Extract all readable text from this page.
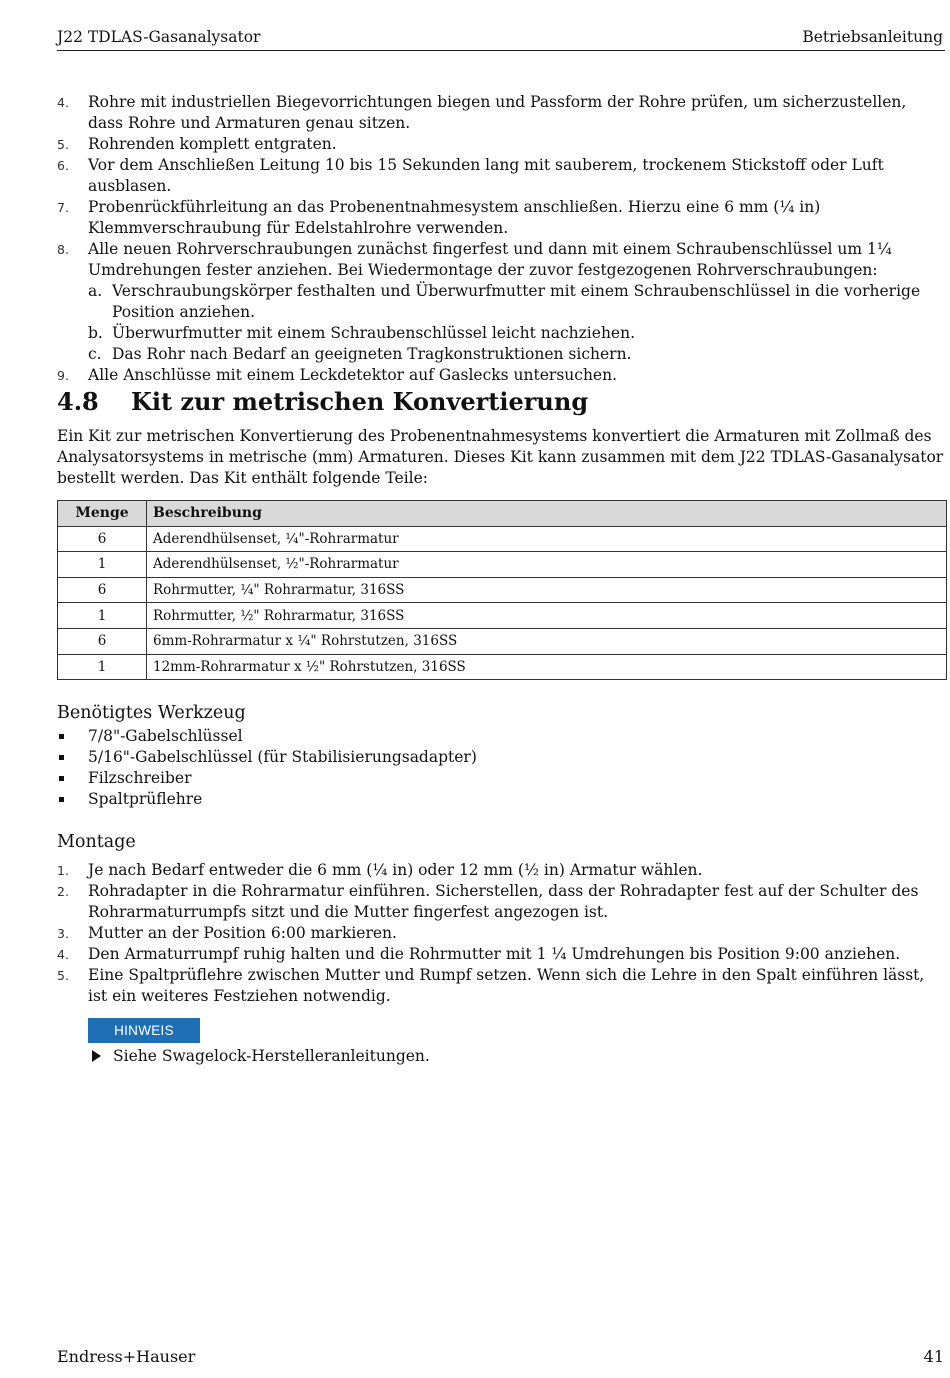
J22 TDLAS-Gasanalysator	Betriebsanleitung
4. Rohre mit industriellen Biegevorrichtungen biegen und Passform der Rohre prüfen, um sicherzustellen, dass Rohre und Armaturen genau sitzen.
5. Rohrenden komplett entgraten.
6. Vor dem Anschließen Leitung 10 bis 15 Sekunden lang mit sauberem, trockenem Stickstoff oder Luft ausblasen.
7. Probenrückführleitung an das Probenentnahmesystem anschließen. Hierzu eine 6 mm (¼ in) Klemmverschraubung für Edelstahlrohre verwenden.
8. Alle neuen Rohrverschraubungen zunächst fingerfest und dann mit einem Schraubenschlüssel um 1¼ Umdrehungen fester anziehen. Bei Wiedermontage der zuvor festgezogenen Rohrverschraubungen:
a. Verschraubungskörper festhalten und Überwurfmutter mit einem Schraubenschlüssel in die vorherige Position anziehen.
b. Überwurfmutter mit einem Schraubenschlüssel leicht nachziehen.
c. Das Rohr nach Bedarf an geeigneten Tragkonstruktionen sichern.
9. Alle Anschlüsse mit einem Leckdetektor auf Gaslecks untersuchen.
4.8 Kit zur metrischen Konvertierung

Ein Kit zur metrischen Konvertierung des Probenentnahmesystems konvertiert die Armaturen mit Zollmaß des Analysatorsystems in metrische (mm) Armaturen. Dieses Kit kann zusammen mit dem J22 TDLAS-Gasanalysator bestellt werden. Das Kit enthält folgende Teile:

Menge	Beschreibung
6	Aderendhülsenset, ¼"-Rohrarmatur
1	Aderendhülsenset, ½"-Rohrarmatur
6	Rohrmutter, ¼" Rohrarmatur, 316SS
1	Rohrmutter, ½" Rohrarmatur, 316SS
6	6mm-Rohrarmatur x ¼" Rohrstutzen, 316SS
1	12mm-Rohrarmatur x ½" Rohrstutzen, 316SS
Benötigtes Werkzeug
7/8"-Gabelschlüssel
5/16"-Gabelschlüssel (für Stabilisierungsadapter)
Filzschreiber
Spaltprüflehre
Montage
1. Je nach Bedarf entweder die 6 mm (¼ in) oder 12 mm (½ in) Armatur wählen.
2. Rohradapter in die Rohrarmatur einführen. Sicherstellen, dass der Rohradapter fest auf der Schulter des Rohrarmaturrumpfs sitzt und die Mutter fingerfest angezogen ist.
3. Mutter an der Position 6:00 markieren.
4. Den Armaturrumpf ruhig halten und die Rohrmutter mit 1 ¼ Umdrehungen bis Position 9:00 anziehen.
5. Eine Spaltprüflehre zwischen Mutter und Rumpf setzen. Wenn sich die Lehre in den Spalt einführen lässt, ist ein weiteres Festziehen notwendig.
HINWEIS
Siehe Swagelock-Herstelleranleitungen.
Endress+Hauser	41
